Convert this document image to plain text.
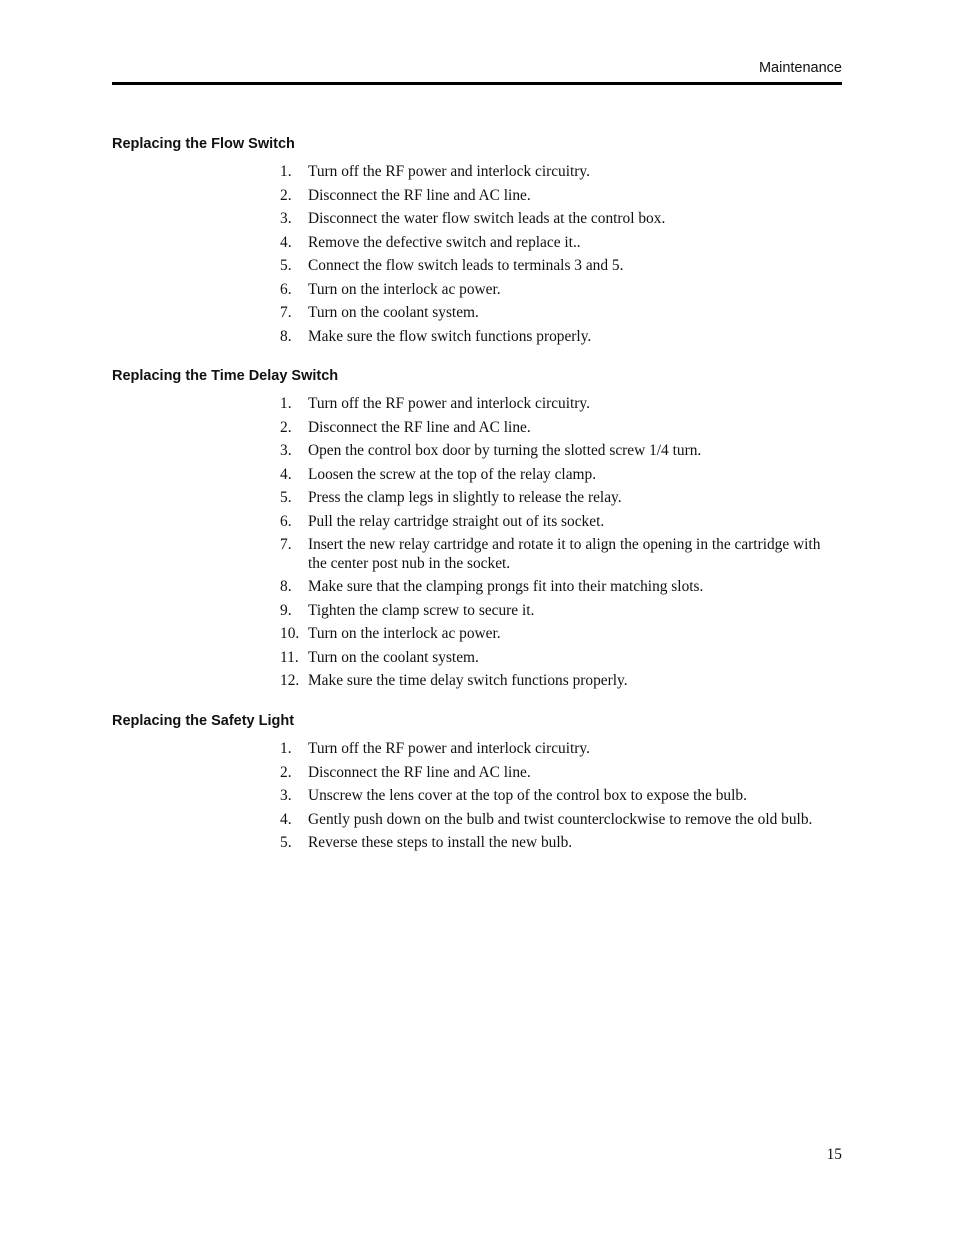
Maintenance
Replacing the Flow Switch
1. Turn off the RF power and interlock circuitry.
2. Disconnect the RF line and AC line.
3. Disconnect the water flow switch leads at the control box.
4. Remove the defective switch and replace it..
5. Connect the flow switch leads to terminals 3 and 5.
6. Turn on the interlock ac power.
7. Turn on the coolant system.
8. Make sure the flow switch functions properly.
Replacing the Time Delay Switch
1. Turn off the RF power and interlock circuitry.
2. Disconnect the RF line and AC line.
3. Open the control box door by turning the slotted screw 1/4 turn.
4. Loosen the screw at the top of the relay clamp.
5. Press the clamp legs in slightly to release the relay.
6. Pull the relay cartridge straight out of its socket.
7. Insert the new relay cartridge and rotate it to align the opening in the cartridge with the center post nub in the socket.
8. Make sure that the clamping prongs fit into their matching slots.
9. Tighten the clamp screw to secure it.
10. Turn on the interlock ac power.
11. Turn on the coolant system.
12. Make sure the time delay switch functions properly.
Replacing the Safety Light
1. Turn off the RF power and interlock circuitry.
2. Disconnect the RF line and AC line.
3. Unscrew the lens cover at the top of the control box to expose the bulb.
4. Gently push down on the bulb and twist counterclockwise to remove the old bulb.
5. Reverse these steps to install the new bulb.
15
